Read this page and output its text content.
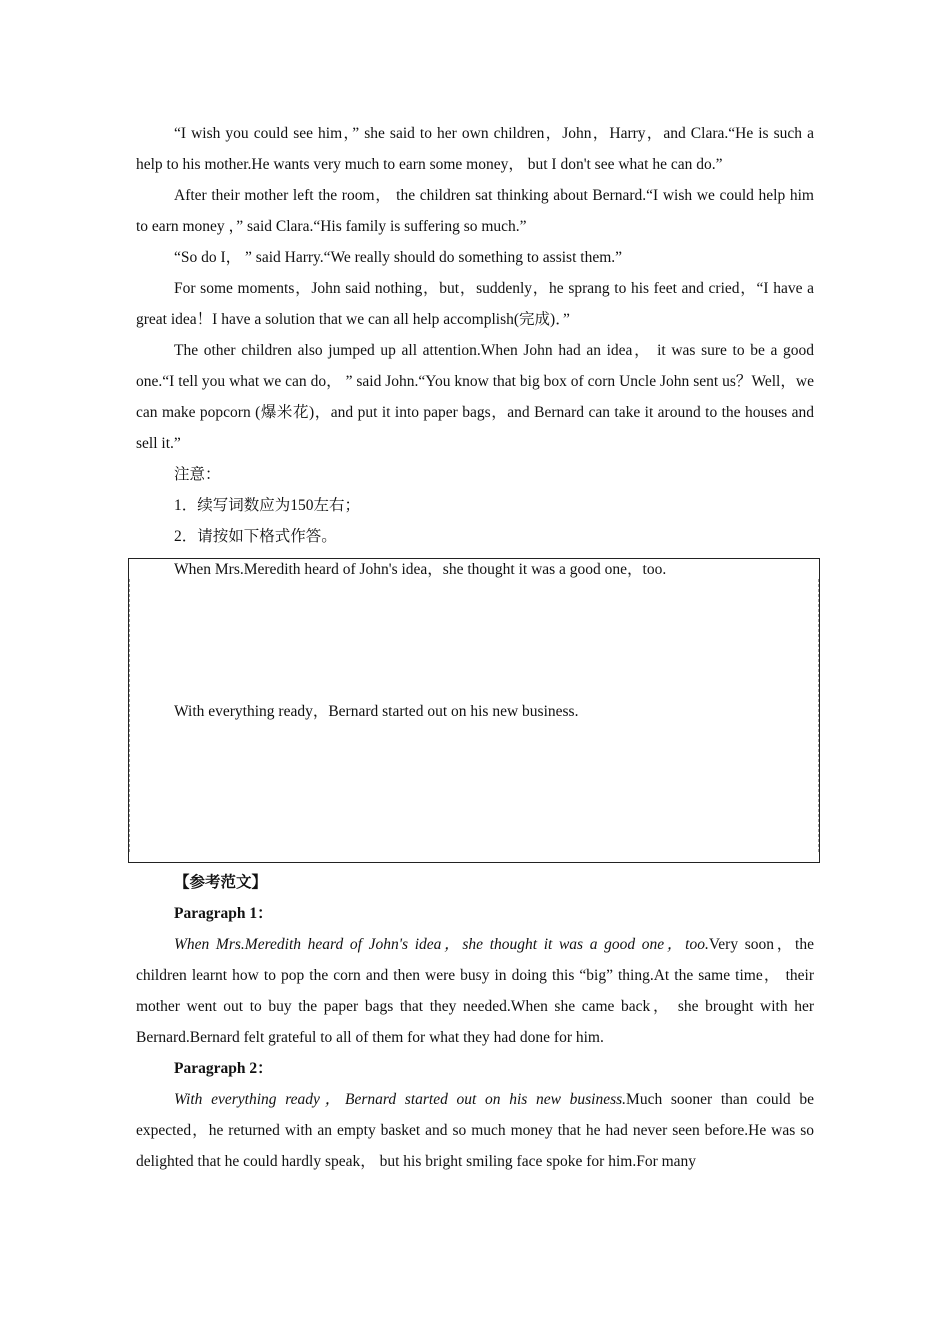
“I wish you could see him，” she said to her own children，John，Harry，and Clara.“He is such a help to his mother.He wants very much to earn some money， but I don't see what he can do.”

After their mother left the room， the children sat thinking about Bernard.“I wish we could help him to earn money ，” said Clara.“His family is suffering so much.”

“So do I， ” said Harry.“We really should do something to assist them.”

For some moments，John said nothing，but，suddenly，he sprang to his feet and cried，“I have a great idea！I have a solution that we can all help accomplish(完成)．”

The other children also jumped up all attention.When John had an idea， it was sure to be a good one.“I tell you what we can do， ” said John.“You know that big box of corn Uncle John sent us？Well，we can make popcorn (爆米花)，and put it into paper bags，and Bernard can take it around to the houses and sell it.”

注意：

1．续写词数应为150左右；

2．请按如下格式作答。

When Mrs.Meredith heard of John's idea，she thought it was a good one，too.
With everything ready，Bernard started out on his new business.

【参考范文】

Paragraph 1：

When Mrs.Meredith heard of John's idea，she thought it was a good one，too.Very soon，the children learnt how to pop the corn and then were busy in doing this “big” thing.At the same time， their mother went out to buy the paper bags that they needed.When she came back， she brought with her Bernard.Bernard felt grateful to all of them for what they had done for him.

Paragraph 2：

With everything ready，Bernard started out on his new business.Much sooner than could be expected，he returned with an empty basket and so much money that he had never seen before.He was so delighted that he could hardly speak， but his bright smiling face spoke for him.For many
